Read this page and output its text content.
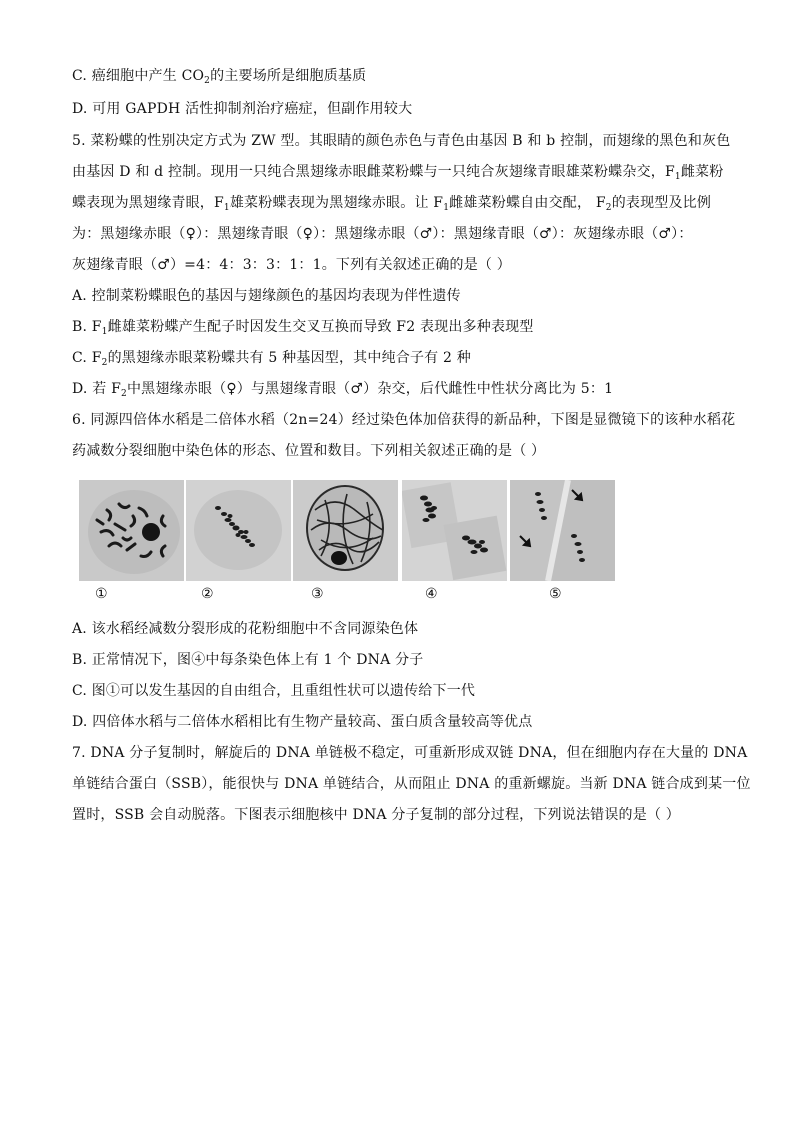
C. 癌细胞中产生 $CO_2$的主要场所是细胞质基质
D. 可用 GAPDH 活性抑制剂治疗癌症，但副作用较大
5. 菜粉蝶的性别决定方式为 ZW 型。其眼睛的颜色赤色与青色由基因 B 和 b 控制，而翅缘的黑色和灰色
由基因 D 和 d 控制。现用一只纯合黑翅缘赤眼雌菜粉蝶与一只纯合灰翅缘青眼雄菜粉蝶杂交，$F_1$雌菜粉
蝶表现为黑翅缘青眼，$F_1$雄菜粉蝶表现为黑翅缘赤眼。让 $F_1$雌雄菜粉蝶自由交配， $F_2$的表现型及比例
为：黑翅缘赤眼（♀）：黑翅缘青眼（♀）：黑翅缘赤眼（♂）：黑翅缘青眼（♂）：灰翅缘赤眼（♂）：
灰翅缘青眼（♂）=4：4：3：3：1：1。下列有关叙述正确的是（ ）
A. 控制菜粉蝶眼色的基因与翅缘颜色的基因均表现为伴性遗传
B. $F_1$雌雄菜粉蝶产生配子时因发生交叉互换而导致 F2 表现出多种表现型
C. $F_2$的黑翅缘赤眼菜粉蝶共有 5 种基因型，其中纯合子有 2 种
D. 若 $F_2$中黑翅缘赤眼（♀）与黑翅缘青眼（♂）杂交，后代雌性中性状分离比为 5：1
6. 同源四倍体水稻是二倍体水稻（2n=24）经过染色体加倍获得的新品种，下图是显微镜下的该种水稻花
药减数分裂细胞中染色体的形态、位置和数目。下列相关叙述正确的是（ ）
①	②	③	④	⑤
A. 该水稻经减数分裂形成的花粉细胞中不含同源染色体
B. 正常情况下，图④中每条染色体上有 1 个 DNA 分子
C. 图①可以发生基因的自由组合，且重组性状可以遗传给下一代
D. 四倍体水稻与二倍体水稻相比有生物产量较高、蛋白质含量较高等优点
7. DNA 分子复制时，解旋后的 DNA 单链极不稳定，可重新形成双链 DNA，但在细胞内存在大量的 DNA
单链结合蛋白（SSB），能很快与 DNA 单链结合，从而阻止 DNA 的重新螺旋。当新 DNA 链合成到某一位
置时，SSB 会自动脱落。下图表示细胞核中 DNA 分子复制的部分过程，下列说法错误的是（ ）
